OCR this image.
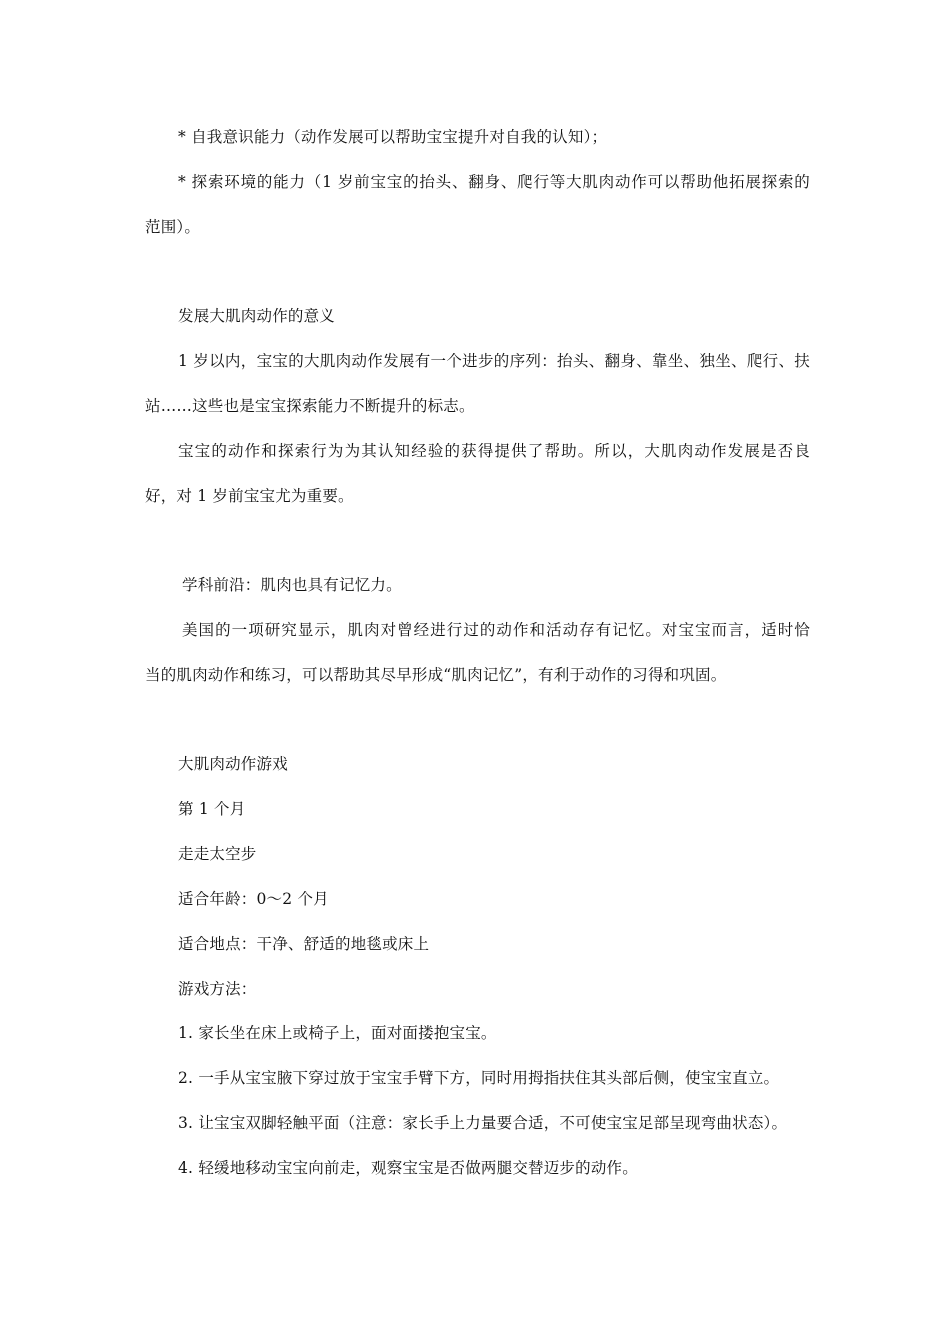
* 自我意识能力（动作发展可以帮助宝宝提升对自我的认知）；
* 探索环境的能力（1 岁前宝宝的抬头、翻身、爬行等大肌肉动作可以帮助他拓展探索的
范围）。
发展大肌肉动作的意义
1 岁以内，宝宝的大肌肉动作发展有一个进步的序列：抬头、翻身、靠坐、独坐、爬行、扶
站……这些也是宝宝探索能力不断提升的标志。
宝宝的动作和探索行为为其认知经验的获得提供了帮助。所以，大肌肉动作发展是否良
好，对 1 岁前宝宝尤为重要。
学科前沿：肌肉也具有记忆力。
美国的一项研究显示，肌肉对曾经进行过的动作和活动存有记忆。对宝宝而言，适时恰
当的肌肉动作和练习，可以帮助其尽早形成“肌肉记忆”，有利于动作的习得和巩固。
大肌肉动作游戏
第 1 个月
走走太空步
适合年龄：0～2 个月
适合地点：干净、舒适的地毯或床上
游戏方法：
1. 家长坐在床上或椅子上，面对面搂抱宝宝。
2. 一手从宝宝腋下穿过放于宝宝手臂下方，同时用拇指扶住其头部后侧，使宝宝直立。
3. 让宝宝双脚轻触平面（注意：家长手上力量要合适，不可使宝宝足部呈现弯曲状态）。
4. 轻缓地移动宝宝向前走，观察宝宝是否做两腿交替迈步的动作。
